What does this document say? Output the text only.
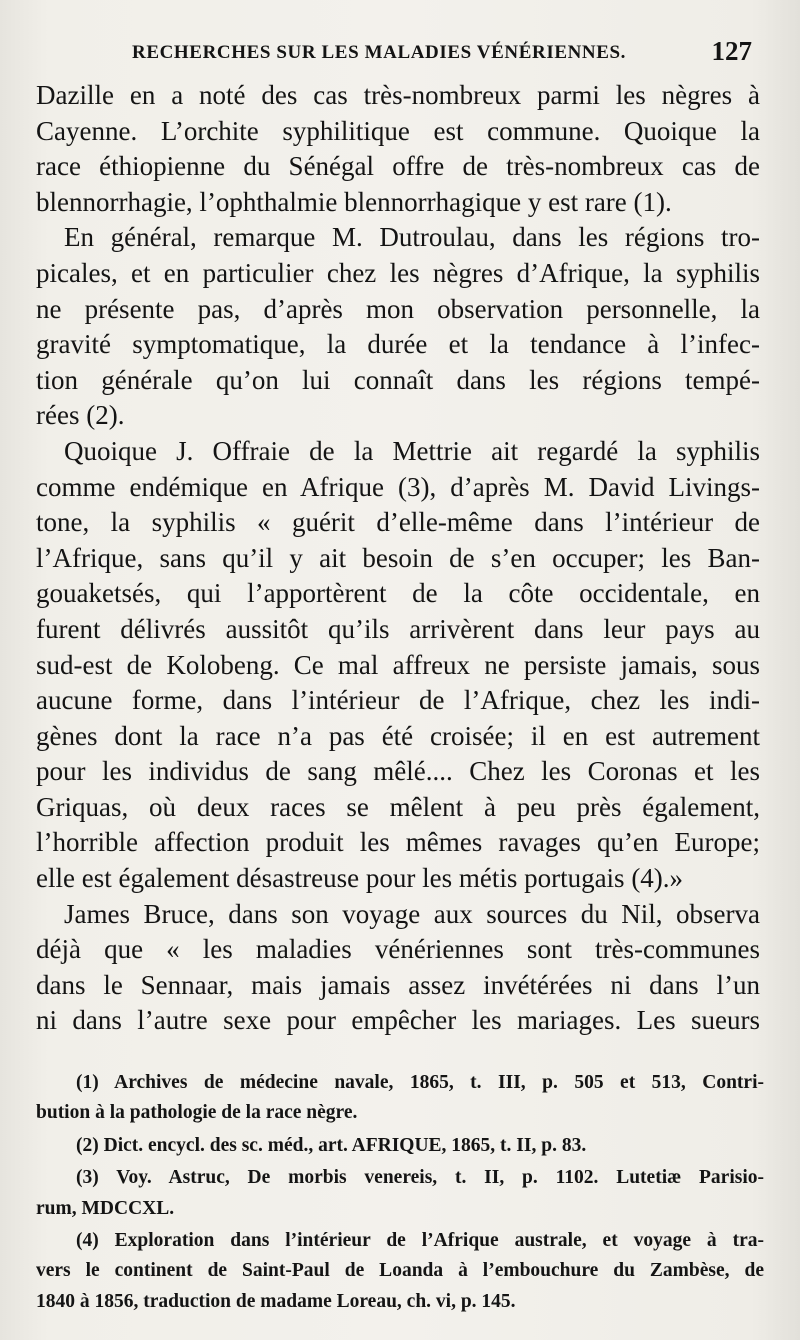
RECHERCHES SUR LES MALADIES VÉNÉRIENNES.	127

Dazille en a noté des cas très-nombreux parmi les nègres à
Cayenne. L’orchite syphilitique est commune. Quoique la
race éthiopienne du Sénégal offre de très-nombreux cas de
blennorrhagie, l’ophthalmie blennorrhagique y est rare (1).

En général, remarque M. Dutroulau, dans les régions tro-
picales, et en particulier chez les nègres d’Afrique, la syphilis
ne présente pas, d’après mon observation personnelle, la
gravité symptomatique, la durée et la tendance à l’infec-
tion générale qu’on lui connaît dans les régions tempé-
rées (2).

Quoique J. Offraie de la Mettrie ait regardé la syphilis
comme endémique en Afrique (3), d’après M. David Livings-
tone, la syphilis « guérit d’elle-même dans l’intérieur de
l’Afrique, sans qu’il y ait besoin de s’en occuper; les Ban-
gouaketsés, qui l’apportèrent de la côte occidentale, en
furent délivrés aussitôt qu’ils arrivèrent dans leur pays au
sud-est de Kolobeng. Ce mal affreux ne persiste jamais, sous
aucune forme, dans l’intérieur de l’Afrique, chez les indi-
gènes dont la race n’a pas été croisée; il en est autrement
pour les individus de sang mêlé.... Chez les Coronas et les
Griquas, où deux races se mêlent à peu près également,
l’horrible affection produit les mêmes ravages qu’en Europe;
elle est également désastreuse pour les métis portugais (4).»

James Bruce, dans son voyage aux sources du Nil, observa
déjà que « les maladies vénériennes sont très-communes
dans le Sennaar, mais jamais assez invétérées ni dans l’un
ni dans l’autre sexe pour empêcher les mariages. Les sueurs

(1) Archives de médecine navale, 1865, t. III, p. 505 et 513, Contri-
bution à la pathologie de la race nègre.
(2) Dict. encycl. des sc. méd., art. AFRIQUE, 1865, t. II, p. 83.
(3) Voy. Astruc, De morbis venereis, t. II, p. 1102. Lutetiæ Parisio-
rum, MDCCXL.
(4) Exploration dans l’intérieur de l’Afrique australe, et voyage à tra-
vers le continent de Saint-Paul de Loanda à l’embouchure du Zambèse, de
1840 à 1856, traduction de madame Loreau, ch. vi, p. 145.
